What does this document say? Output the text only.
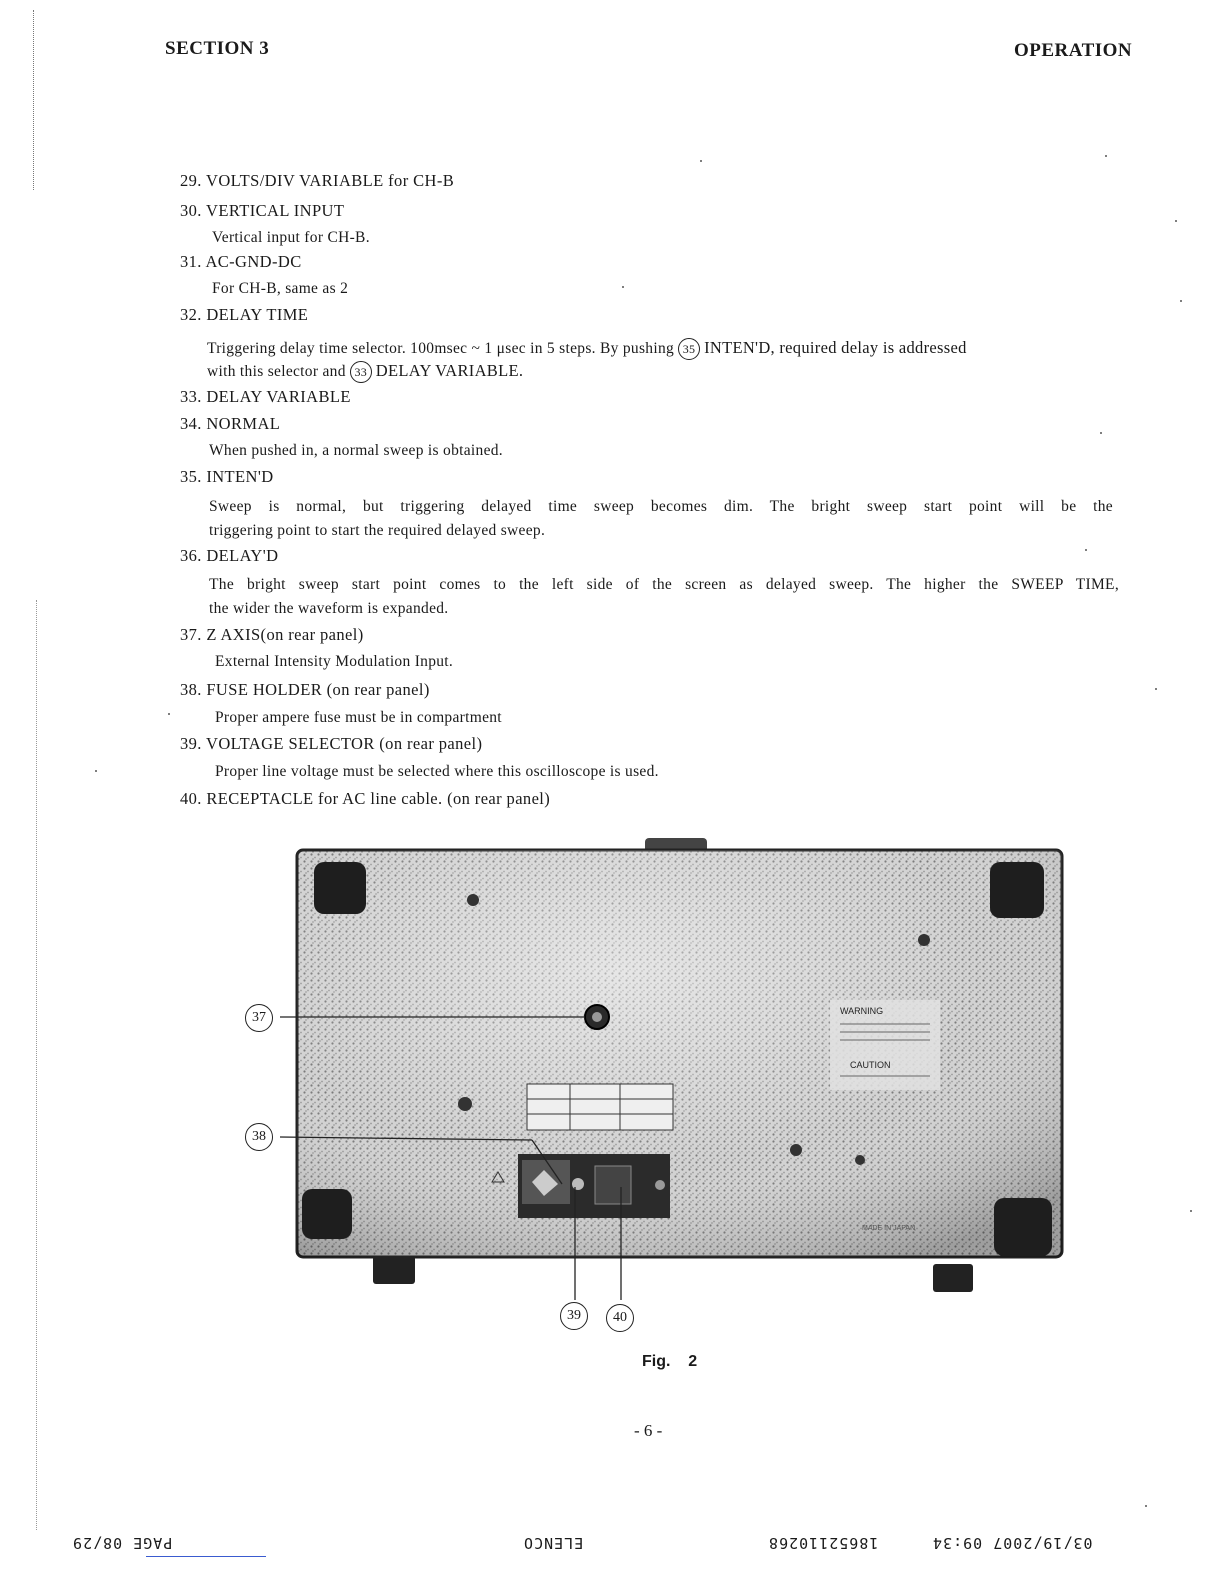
SECTION 3	OPERATION
29. VOLTS/DIV VARIABLE for CH-B
30. VERTICAL INPUT
Vertical input for CH-B.
31. AC-GND-DC
For CH-B, same as 2
32. DELAY TIME
Triggering delay time selector. 100msec ~ 1 μsec in 5 steps. By pushing 35 INTEN'D, required delay is addressed
with this selector and 33 DELAY VARIABLE.
33. DELAY VARIABLE
34. NORMAL
When pushed in, a normal sweep is obtained.
35. INTEN'D
Sweep is normal, but triggering delayed time sweep becomes dim. The bright sweep start point will be the
triggering point to start the required delayed sweep.
36. DELAY'D
The bright sweep start point comes to the left side of the screen as delayed sweep. The higher the SWEEP TIME,
the wider the waveform is expanded.
37. Z AXIS(on rear panel)
External Intensity Modulation Input.
38. FUSE HOLDER (on rear panel)
Proper ampere fuse must be in compartment
39. VOLTAGE SELECTOR (on rear panel)
Proper line voltage must be selected where this oscilloscope is used.
40. RECEPTACLE for AC line cable. (on rear panel)
WARNING
CAUTION
MADE IN JAPAN
37
38
39	40
Fig.    2
- 6 -
PAGE 08/29	ELENCO	18652110268	03/19/2007 09:34
